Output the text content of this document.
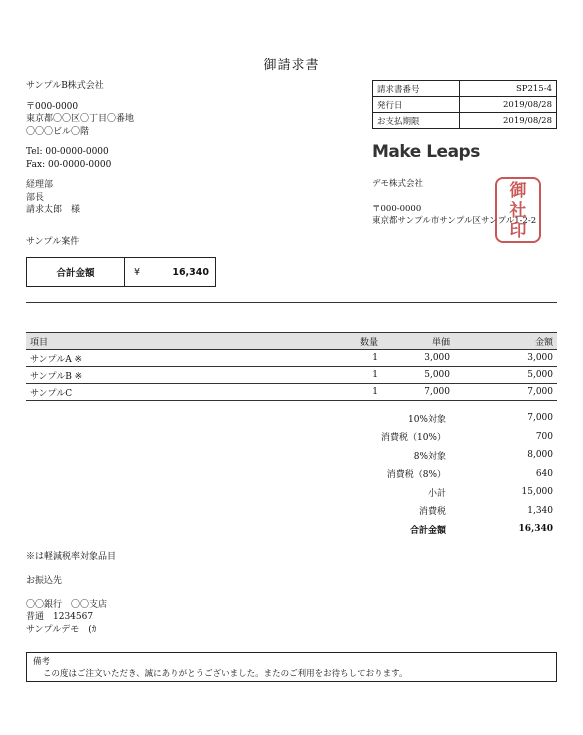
御請求書
サンプルB株式会社
〒000-0000
東京都〇〇区〇丁目〇番地
〇〇〇ビル〇階
Tel: 00-0000-0000
Fax: 00-0000-0000
経理部
部長
請求太郎　様
請求書番号	SP215-4
発行日	2019/08/28
お支払期限	2019/08/28
Make Leaps
デモ株式会社
〒000-0000
東京都サンプル市サンプル区サンプル1-2-2
御
社
印
サンプル案件
合計金額	¥	16,340
項目	数量	単価	金額
サンプルA ※	1	3,000	3,000
サンプルB ※	1	5,000	5,000
サンプルC	1	7,000	7,000
10%対象	7,000
消費税（10%）	700
8%対象	8,000
消費税（8%）	640
小計	15,000
消費税	1,340
合計金額	16,340
※は軽減税率対象品目
お振込先
〇〇銀行　〇〇支店
普通　1234567
サンプルデモ　(ｶ
備考
この度はご注文いただき、誠にありがとうございました。またのご利用をお待ちしております。
